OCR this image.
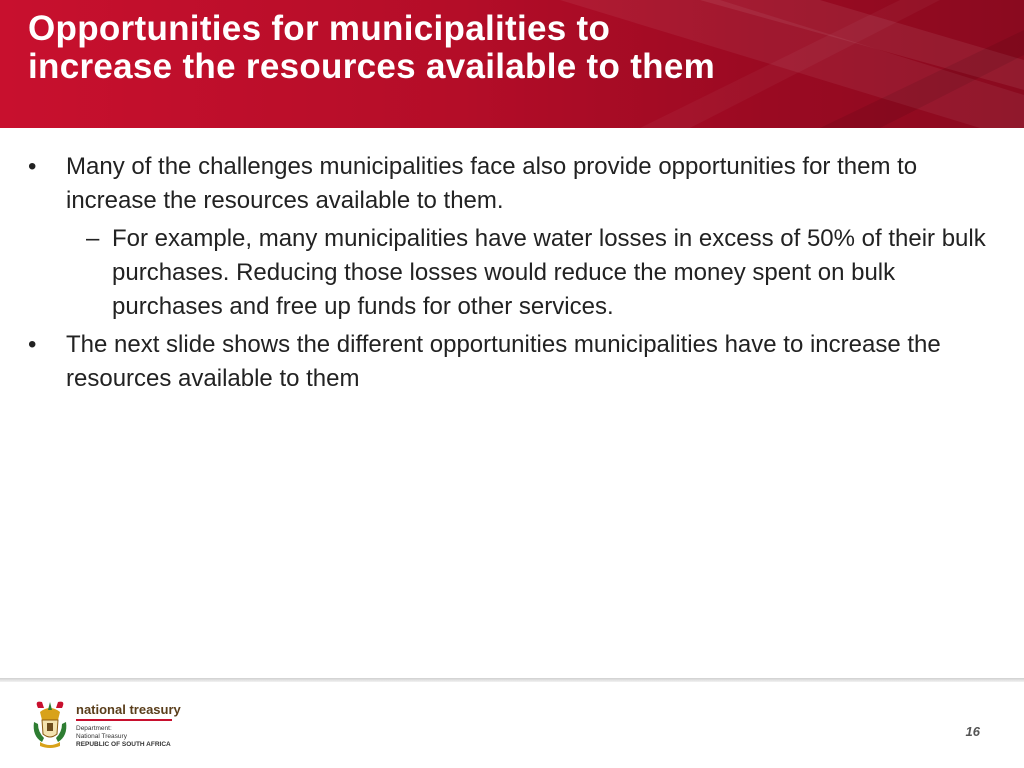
Opportunities for municipalities to
increase the resources available to them
• Many of the challenges municipalities face also provide opportunities for them to increase the resources available to them.
– For example, many municipalities have water losses in excess of 50% of their bulk purchases. Reducing those losses would reduce the money spent on bulk purchases and free up funds for other services.
• The next slide shows the different opportunities municipalities have to increase the resources available to them
national treasury
Department:
National Treasury
REPUBLIC OF SOUTH AFRICA
16
